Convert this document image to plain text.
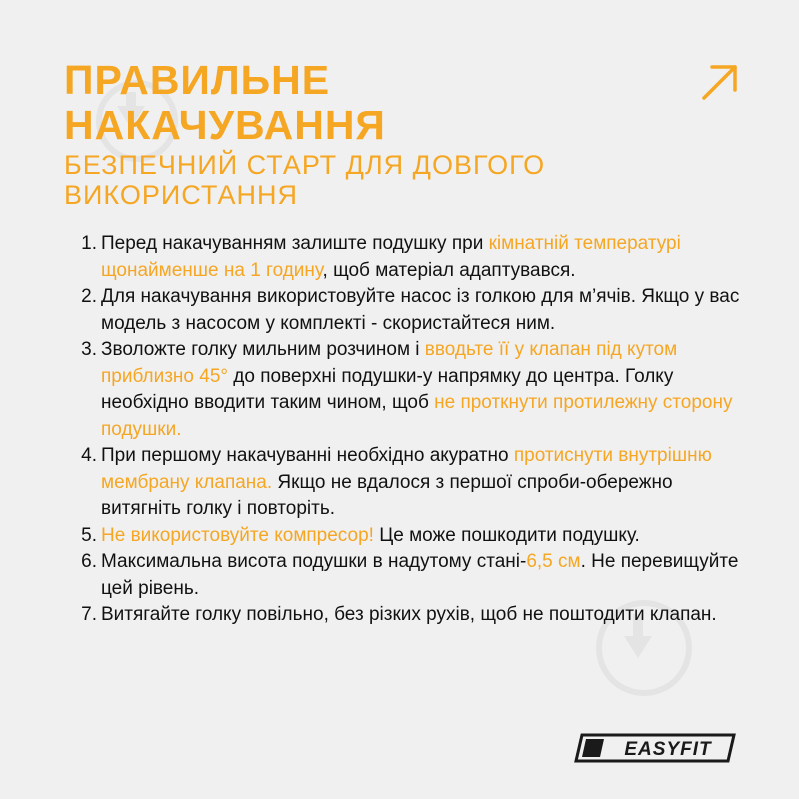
ПРАВИЛЬНЕ НАКАЧУВАННЯ
БЕЗПЕЧНИЙ СТАРТ ДЛЯ ДОВГОГО ВИКОРИСТАННЯ
1. Перед накачуванням залиште подушку при кімнатній температурі щонайменше на 1 годину, щоб матеріал адаптувався.
2. Для накачування використовуйте насос із голкою для м’ячів. Якщо у вас модель з насосом у комплекті - скористайтеся ним.
3. Зволожте голку мильним розчином і вводьте її у клапан під кутом приблизно 45° до поверхні подушки-у напрямку до центра. Голку необхідно вводити таким чином, щоб не проткнути протилежну сторону подушки.
4. При першому накачуванні необхідно акуратно протиснути внутрішню мембрану клапана. Якщо не вдалося з першої спроби-обережно витягніть голку і повторіть.
5. Не використовуйте компресор! Це може пошкодити подушку.
6. Максимальна висота подушки в надутому стані-6,5 см. Не перевищуйте цей рівень.
7. Витягайте голку повільно, без різких рухів, щоб не поштодити клапан.
EASYFIT
